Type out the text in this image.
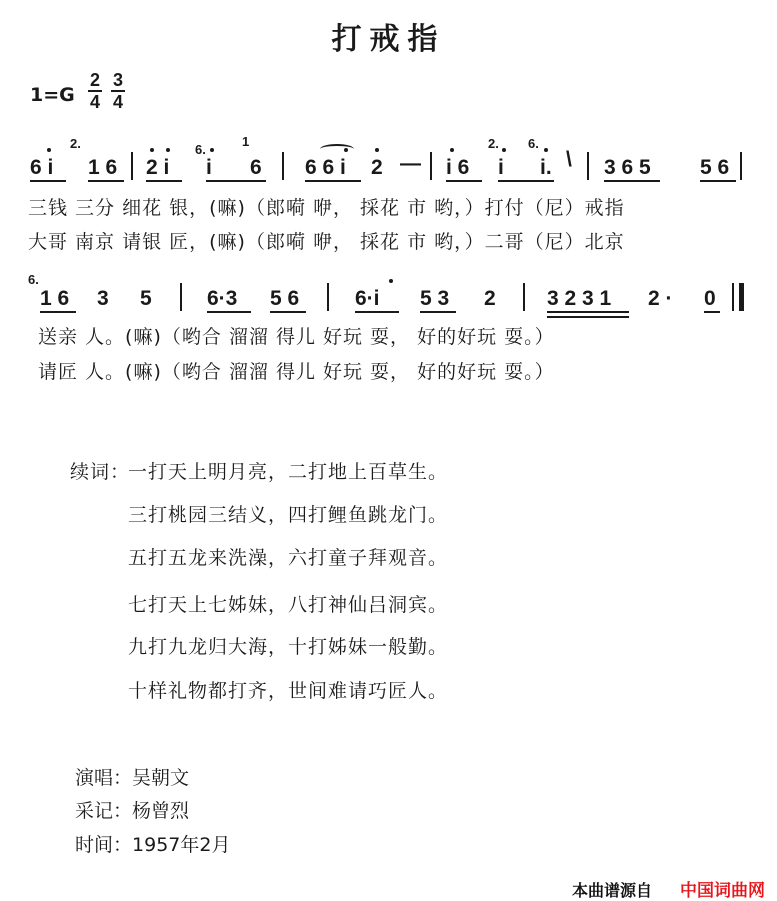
打戒指
$1=G \frac{2}{4} \frac{3}{4}$
6 i
2.
1 6 2 i
6.
i
1
6 6 6 i 2 — i 6
2.
i
6.
i. \ 3 6 5 5 6
三钱 三分 细花 银，(嘛)（郎嗬 咿， 採花 市 哟，）打付（尼）戒指
大哥 南京 请银 匠，(嘛)（郎嗬 咿， 採花 市 哟，）二哥（尼）北京
6.
1 6 3 5	6·3 5 6	6·i 5 3 2 3 2 3 1 2 · 0
送亲 人。(嘛)（哟合 溜溜 得儿 好玩 耍， 好的好玩 耍。）
请匠 人。(嘛)（哟合 溜溜 得儿 好玩 耍， 好的好玩 耍。）
续词：
一打天上明月亮，二打地上百草生。
三打桃园三结义，四打鲤鱼跳龙门。
五打五龙来洗澡，六打童子拜观音。
七打天上七姊妹，八打神仙吕洞宾。
九打九龙归大海，十打姊妹一般勤。
十样礼物都打齐，世间难请巧匠人。
演唱：吴朝文
采记：杨曾烈
时间：1957年2月
本曲谱源自 中国词曲网
